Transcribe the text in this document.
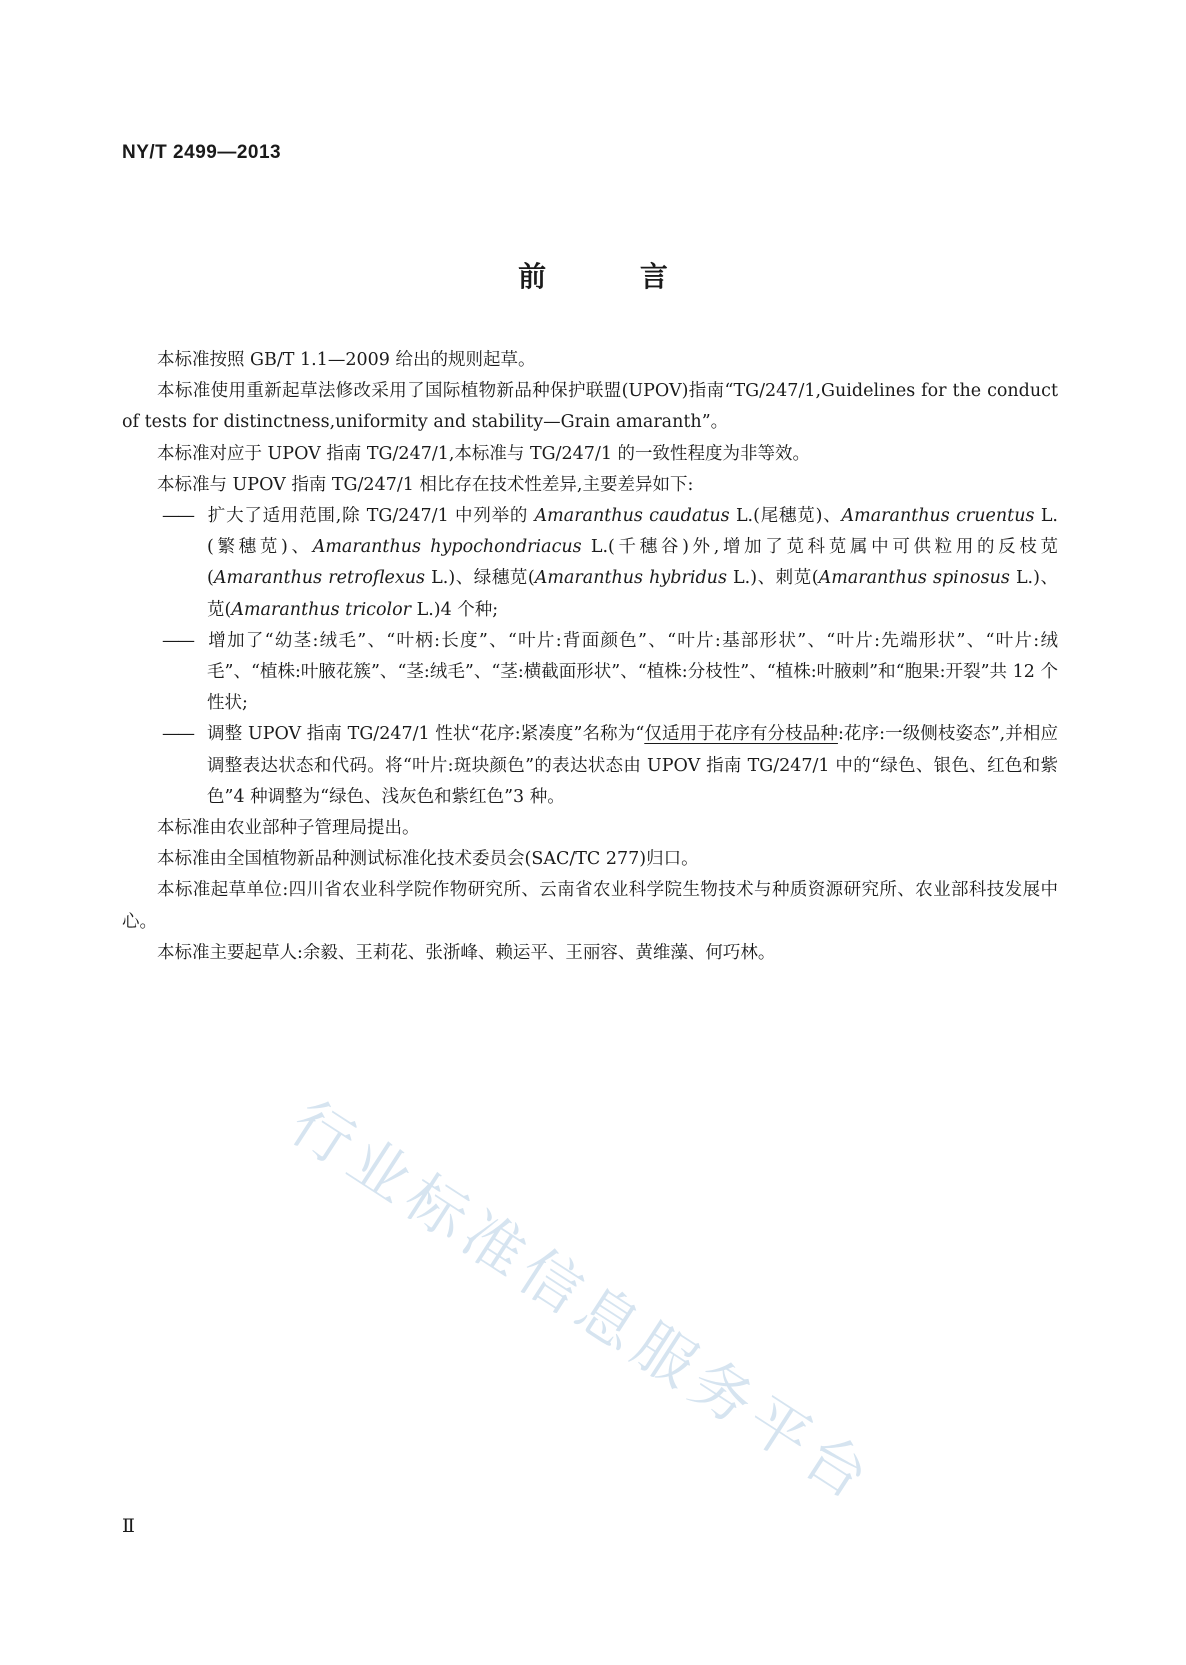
NY/T 2499—2013
前 言

本标准按照 GB/T 1.1—2009 给出的规则起草。

本标准使用重新起草法修改采用了国际植物新品种保护联盟(UPOV)指南“TG/247/1,Guidelines for the conduct of tests for distinctness,uniformity and stability—Grain amaranth”。

本标准对应于 UPOV 指南 TG/247/1,本标准与 TG/247/1 的一致性程度为非等效。

本标准与 UPOV 指南 TG/247/1 相比存在技术性差异,主要差异如下:

—— 扩大了适用范围,除 TG/247/1 中列举的 Amaranthus caudatus L.(尾穗苋)、Amaranthus cruentus L.(繁穗苋)、Amaranthus hypochondriacus L.(千穗谷)外,增加了苋科苋属中可供粒用的反枝苋(Amaranthus retroflexus L.)、绿穗苋(Amaranthus hybridus L.)、刺苋(Amaranthus spinosus L.)、苋(Amaranthus tricolor L.)4 个种;

—— 增加了“幼茎:绒毛”、“叶柄:长度”、“叶片:背面颜色”、“叶片:基部形状”、“叶片:先端形状”、“叶片:绒毛”、“植株:叶腋花簇”、“茎:绒毛”、“茎:横截面形状”、“植株:分枝性”、“植株:叶腋刺”和“胞果:开裂”共 12 个性状;

—— 调整 UPOV 指南 TG/247/1 性状“花序:紧凑度”名称为“仅适用于花序有分枝品种:花序:一级侧枝姿态”,并相应调整表达状态和代码。将“叶片:斑块颜色”的表达状态由 UPOV 指南 TG/247/1 中的“绿色、银色、红色和紫色”4 种调整为“绿色、浅灰色和紫红色”3 种。

本标准由农业部种子管理局提出。

本标准由全国植物新品种测试标准化技术委员会(SAC/TC 277)归口。

本标准起草单位:四川省农业科学院作物研究所、云南省农业科学院生物技术与种质资源研究所、农业部科技发展中心。

本标准主要起草人:余毅、王莉花、张浙峰、赖运平、王丽容、黄维藻、何巧林。

行业标准信息服务平台
Ⅱ
